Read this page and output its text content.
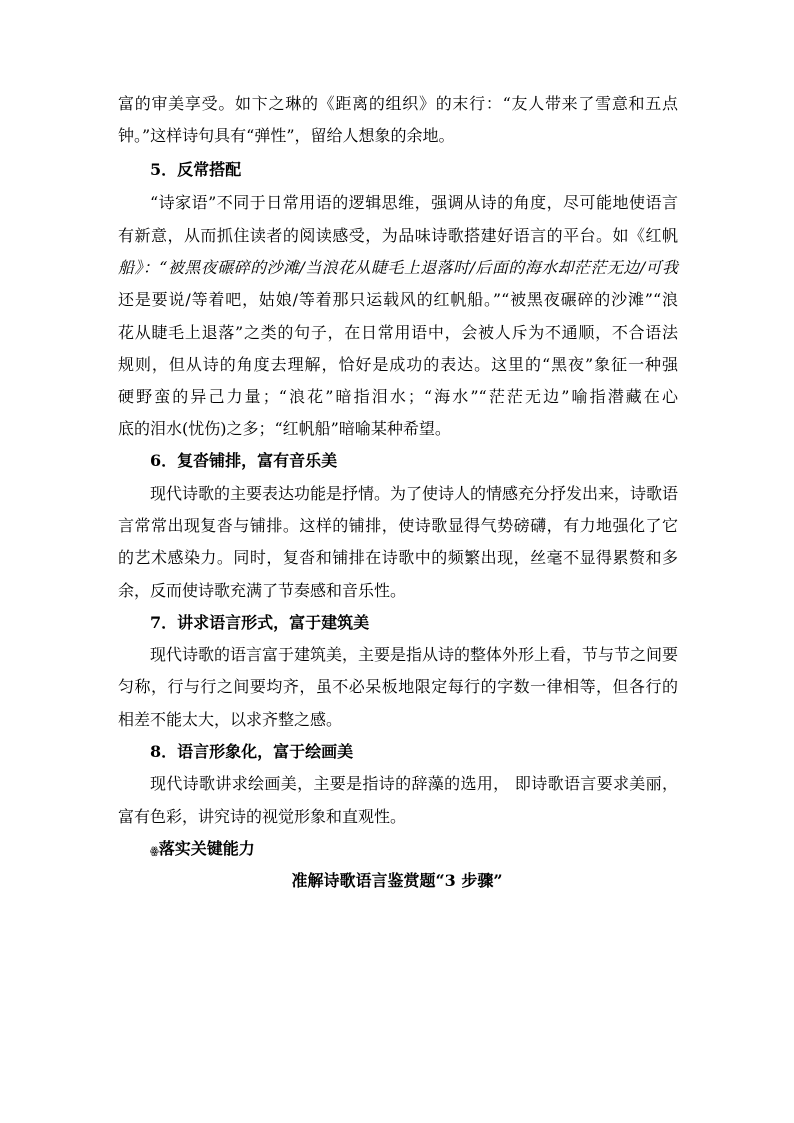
富的审美享受。如卞之琳的《距离的组织》的末行：“友人带来了雪意和五点
钟。”这样诗句具有“弹性”，留给人想象的余地。
5．反常搭配
“诗家语”不同于日常用语的逻辑思维，强调从诗的角度，尽可能地使语言
有新意，从而抓住读者的阅读感受，为品味诗歌搭建好语言的平台。如《红帆
船》：“被黑夜碾碎的沙滩/当浪花从睫毛上退落时/后面的海水却茫茫无边/可我
还是要说/等着吧，姑娘/等着那只运载风的红帆船。”“被黑夜碾碎的沙滩”“浪
花从睫毛上退落”之类的句子，在日常用语中，会被人斥为不通顺，不合语法
规则，但从诗的角度去理解，恰好是成功的表达。这里的“黑夜”象征一种强
硬野蛮的异己力量；“浪花”暗指泪水；“海水”“茫茫无边”喻指潜藏在心
底的泪水(忧伤)之多；“红帆船”暗喻某种希望。
6．复沓铺排，富有音乐美
现代诗歌的主要表达功能是抒情。为了使诗人的情感充分抒发出来，诗歌语
言常常出现复沓与铺排。这样的铺排，使诗歌显得气势磅礴，有力地强化了它
的艺术感染力。同时，复沓和铺排在诗歌中的频繁出现，丝毫不显得累赘和多
余，反而使诗歌充满了节奏感和音乐性。
7．讲求语言形式，富于建筑美
现代诗歌的语言富于建筑美，主要是指从诗的整体外形上看，节与节之间要
匀称，行与行之间要均齐，虽不必呆板地限定每行的字数一律相等，但各行的
相差不能太大，以求齐整之感。
8．语言形象化，富于绘画美
现代诗歌讲求绘画美，主要是指诗的辞藻的选用， 即诗歌语言要求美丽，
富有色彩，讲究诗的视觉形象和直观性。
ꙮ落实关键能力
准解诗歌语言鉴赏题“3 步骤”
